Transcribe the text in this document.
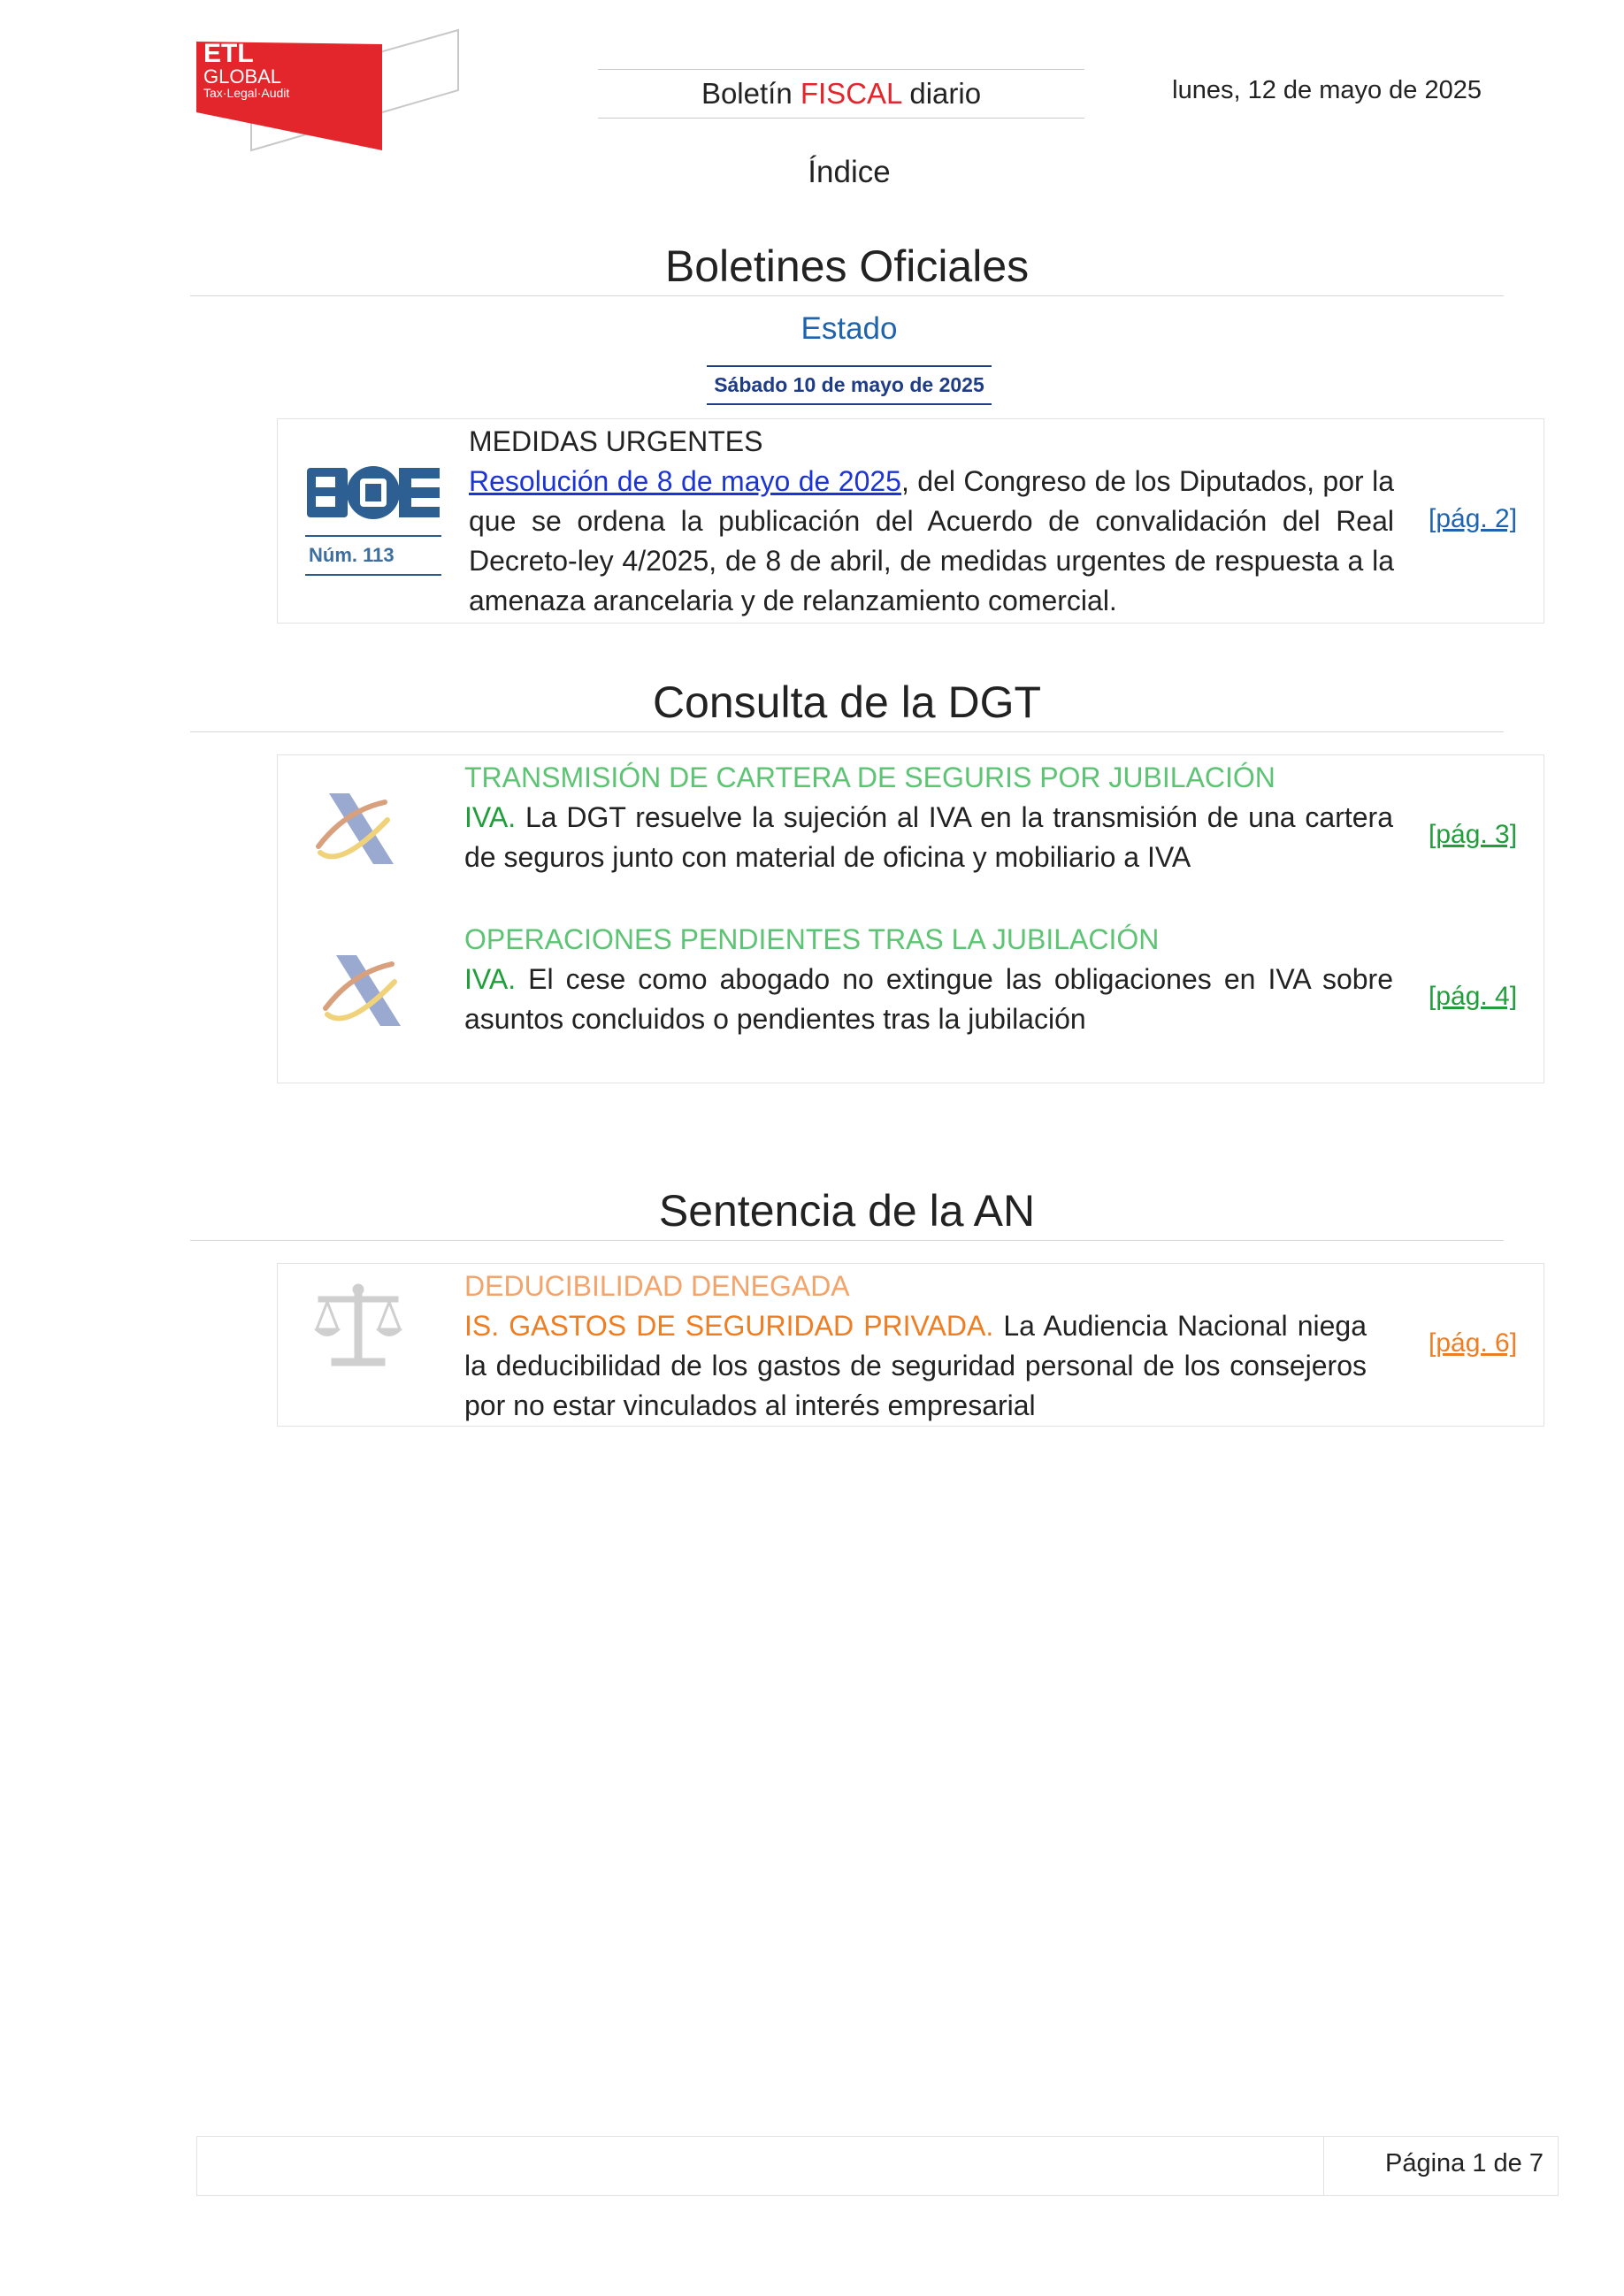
ETL
GLOBAL
Tax·Legal·Audit	Boletín FISCAL diario	lunes, 12 de mayo de 2025
Índice
Boletines Oficiales
Estado
Sábado 10 de mayo de 2025
Núm. 113
MEDIDAS URGENTES
Resolución de 8 de mayo de 2025, del Congreso de los Diputados, por la que se ordena la publicación del Acuerdo de convalidación del Real Decreto-ley 4/2025, de 8 de abril, de medidas urgentes de respuesta a la amenaza arancelaria y de relanzamiento comercial.
[pág. 2]
Consulta de la DGT
TRANSMISIÓN DE CARTERA DE SEGURIS POR JUBILACIÓN
IVA. La DGT resuelve la sujeción al IVA en la transmisión de una cartera de seguros junto con material de oficina y mobiliario a IVA
[pág. 3]
OPERACIONES PENDIENTES TRAS LA JUBILACIÓN
IVA. El cese como abogado no extingue las obligaciones en IVA sobre asuntos concluidos o pendientes tras la jubilación
[pág. 4]
Sentencia de la AN
DEDUCIBILIDAD DENEGADA
IS. GASTOS DE SEGURIDAD PRIVADA. La Audiencia Nacional niega la deducibilidad de los gastos de seguridad personal de los consejeros por no estar vinculados al interés empresarial
[pág. 6]
Página 1 de 7
